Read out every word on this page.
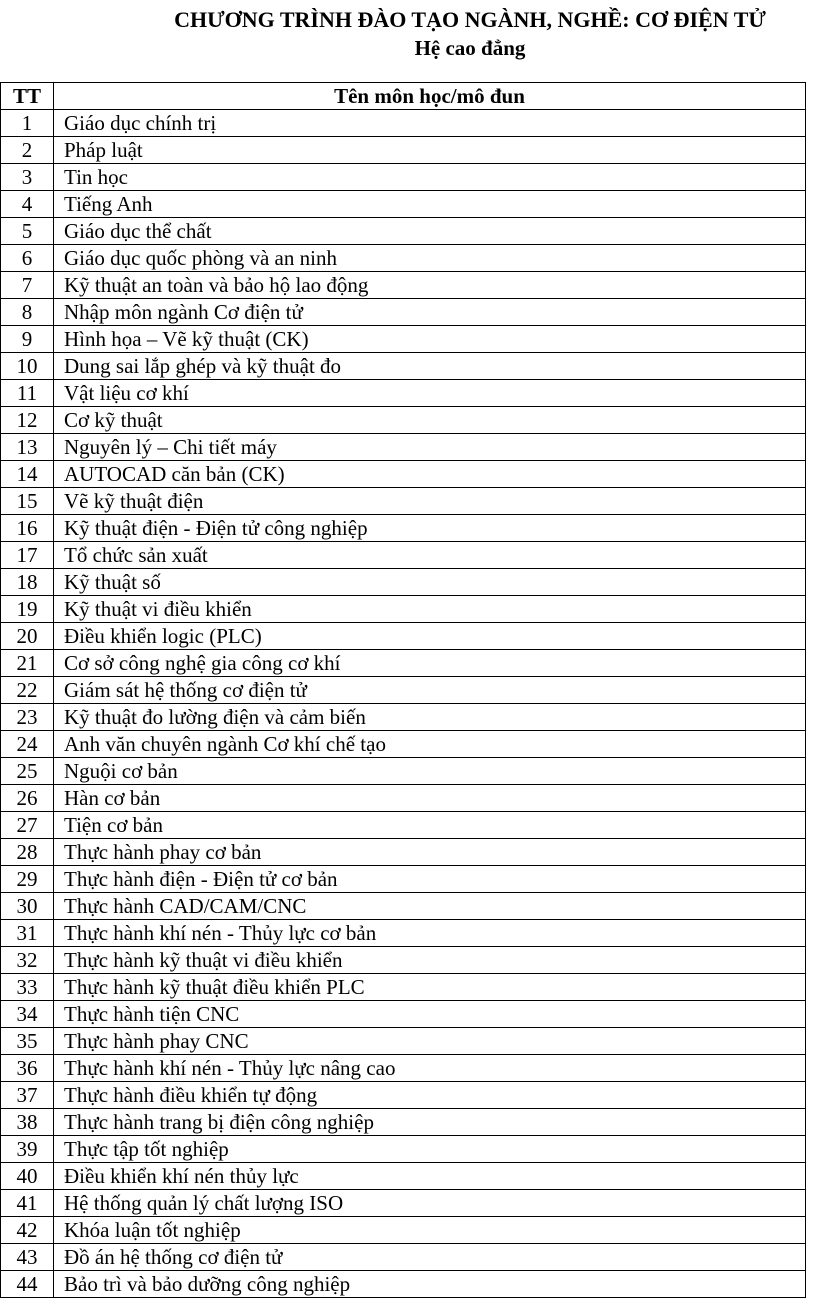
CHƯƠNG TRÌNH ĐÀO TẠO NGÀNH, NGHỀ: CƠ ĐIỆN TỬ
Hệ cao đẳng
TT	Tên môn học/mô đun
1	Giáo dục chính trị
2	Pháp luật
3	Tin học
4	Tiếng Anh
5	Giáo dục thể chất
6	Giáo dục quốc phòng và an ninh
7	Kỹ thuật an toàn và bảo hộ lao động
8	Nhập môn ngành Cơ điện tử
9	Hình họa – Vẽ kỹ thuật (CK)
10	Dung sai lắp ghép và kỹ thuật đo
11	Vật liệu cơ khí
12	Cơ kỹ thuật
13	Nguyên lý – Chi tiết máy
14	AUTOCAD căn bản (CK)
15	Vẽ kỹ thuật điện
16	Kỹ thuật điện - Điện tử công nghiệp
17	Tổ chức sản xuất
18	Kỹ thuật số
19	Kỹ thuật vi điều khiển
20	Điều khiển logic (PLC)
21	Cơ sở công nghệ gia công cơ khí
22	Giám sát hệ thống cơ điện tử
23	Kỹ thuật đo lường điện và cảm biến
24	Anh văn chuyên ngành Cơ khí chế tạo
25	Nguội cơ bản
26	Hàn cơ bản
27	Tiện cơ bản
28	Thực hành phay cơ bản
29	Thực hành điện - Điện tử cơ bản
30	Thực hành CAD/CAM/CNC
31	Thực hành khí nén - Thủy lực cơ bản
32	Thực hành kỹ thuật vi điều khiển
33	Thực hành kỹ thuật điều khiển PLC
34	Thực hành tiện CNC
35	Thực hành phay CNC
36	Thực hành khí nén - Thủy lực nâng cao
37	Thực hành điều khiển tự động
38	Thực hành trang bị điện công nghiệp
39	Thực tập tốt nghiệp
40	Điều khiển khí nén thủy lực
41	Hệ thống quản lý chất lượng ISO
42	Khóa luận tốt nghiệp
43	Đồ án hệ thống cơ điện tử
44	Bảo trì và bảo dưỡng công nghiệp
